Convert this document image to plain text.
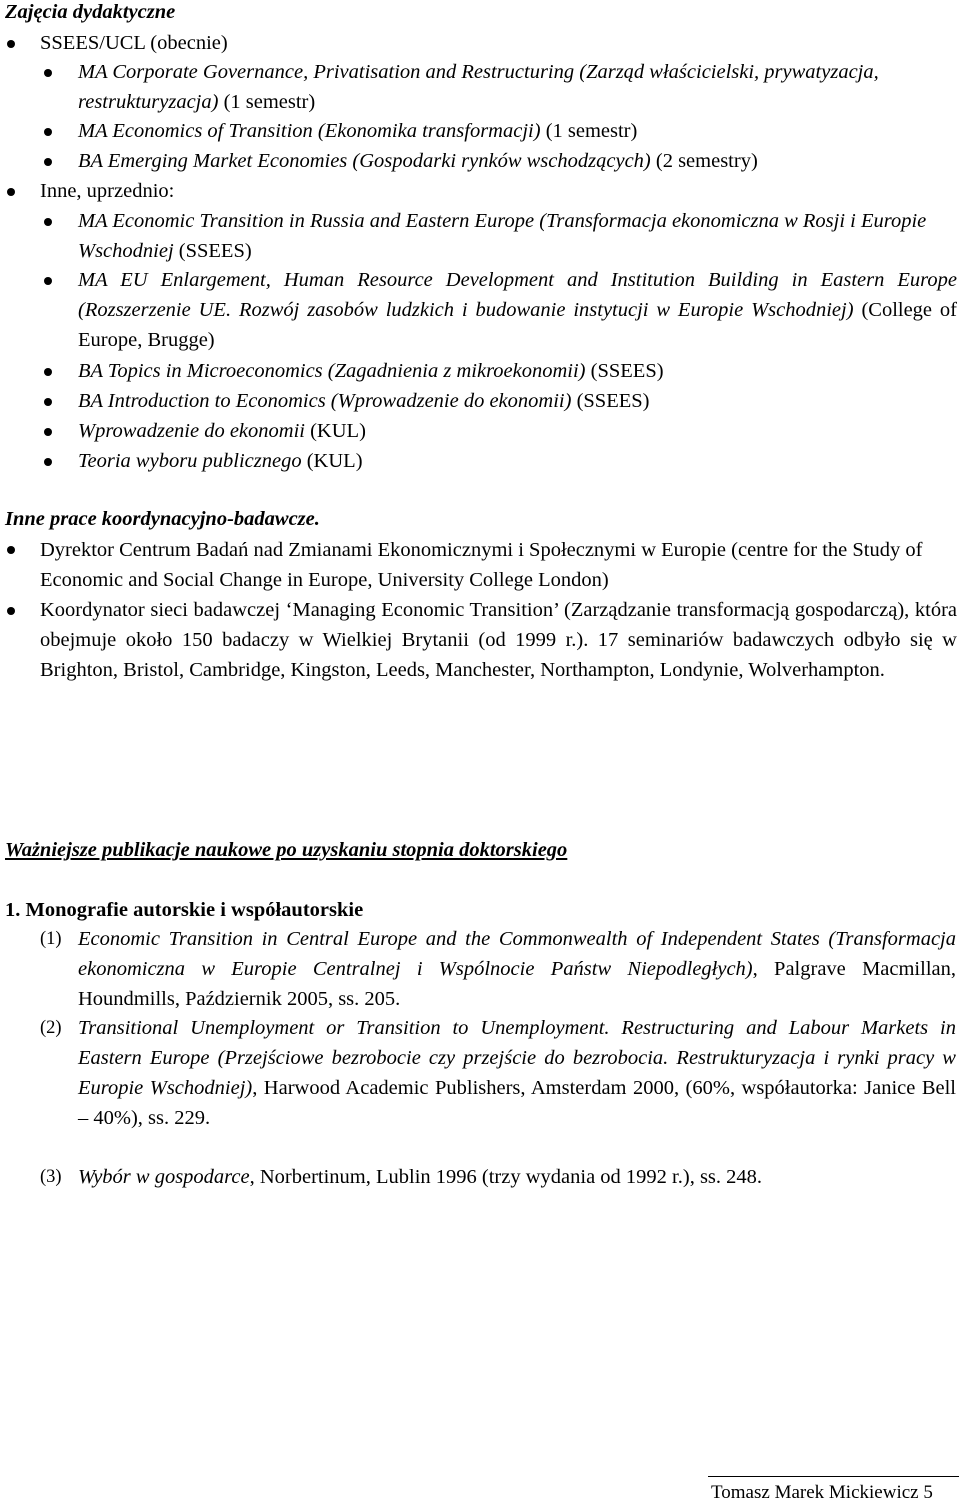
Zajęcia dydaktyczne
SSEES/UCL (obecnie)
MA Corporate Governance, Privatisation and Restructuring (Zarząd właścicielski, prywatyzacja, restrukturyzacja) (1 semestr)
MA Economics of Transition (Ekonomika transformacji) (1 semestr)
BA Emerging Market Economies (Gospodarki rynków wschodzących) (2 semestry)
Inne, uprzednio:
MA Economic Transition in Russia and Eastern Europe (Transformacja ekonomiczna w Rosji i Europie Wschodniej (SSEES)
MA EU Enlargement, Human Resource Development and Institution Building in Eastern Europe (Rozszerzenie UE. Rozwój zasobów ludzkich i budowanie instytucji w Europie Wschodniej) (College of Europe, Brugge)
BA Topics in Microeconomics (Zagadnienia z mikroekonomii) (SSEES)
BA Introduction to Economics (Wprowadzenie do ekonomii) (SSEES)
Wprowadzenie do ekonomii (KUL)
Teoria wyboru publicznego (KUL)
Inne prace koordynacyjno-badawcze.
Dyrektor Centrum Badań nad Zmianami Ekonomicznymi i Społecznymi w Europie (centre for the Study of Economic and Social Change in Europe, University College London)
Koordynator sieci badawczej ‘Managing Economic Transition’ (Zarządzanie transformacją gospodarczą), która obejmuje około 150 badaczy w Wielkiej Brytanii (od 1999 r.). 17 seminariów badawczych odbyło się w Brighton, Bristol, Cambridge, Kingston, Leeds, Manchester, Northampton, Londynie, Wolverhampton.
Ważniejsze publikacje naukowe po uzyskaniu stopnia doktorskiego
1. Monografie autorskie i współautorskie
(1) Economic Transition in Central Europe and the Commonwealth of Independent States (Transformacja ekonomiczna w Europie Centralnej i Wspólnocie Państw Niepodległych), Palgrave Macmillan, Houndmills, Październik 2005, ss. 205.
(2) Transitional Unemployment or Transition to Unemployment. Restructuring and Labour Markets in Eastern Europe (Przejściowe bezrobocie czy przejście do bezrobocia. Restrukturyzacja i rynki pracy w Europie Wschodniej), Harwood Academic Publishers, Amsterdam 2000, (60%, współautorka: Janice Bell – 40%), ss. 229.
(3) Wybór w gospodarce, Norbertinum, Lublin 1996 (trzy wydania od 1992 r.), ss. 248.
Tomasz Marek Mickiewicz 5
